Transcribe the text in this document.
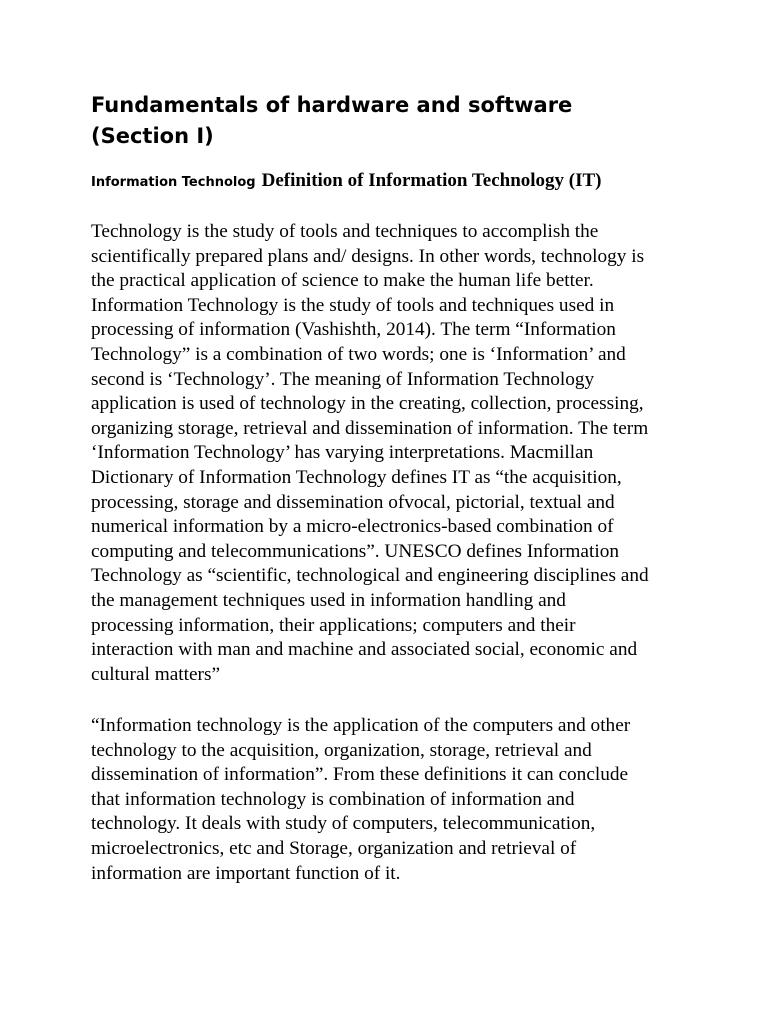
Fundamentals of hardware and software
(Section I)
Information Technolog Definition of Information Technology (IT)

Technology is the study of tools and techniques to accomplish the
scientifically prepared plans and/ designs. In other words, technology is
the practical application of science to make the human life better.
Information Technology is the study of tools and techniques used in
processing of information (Vashishth, 2014). The term “Information
Technology” is a combination of two words; one is ‘Information’ and
second is ‘Technology’. The meaning of Information Technology
application is used of technology in the creating, collection, processing,
organizing storage, retrieval and dissemination of information. The term
‘Information Technology’ has varying interpretations. Macmillan
Dictionary of Information Technology defines IT as “the acquisition,
processing, storage and dissemination ofvocal, pictorial, textual and
numerical information by a micro-electronics-based combination of
computing and telecommunications”. UNESCO defines Information
Technology as “scientific, technological and engineering disciplines and
the management techniques used in information handling and
processing information, their applications; computers and their
interaction with man and machine and associated social, economic and
cultural matters”

“Information technology is the application of the computers and other
technology to the acquisition, organization, storage, retrieval and
dissemination of information”. From these definitions it can conclude
that information technology is combination of information and
technology. It deals with study of computers, telecommunication,
microelectronics, etc and Storage, organization and retrieval of
information are important function of it.
